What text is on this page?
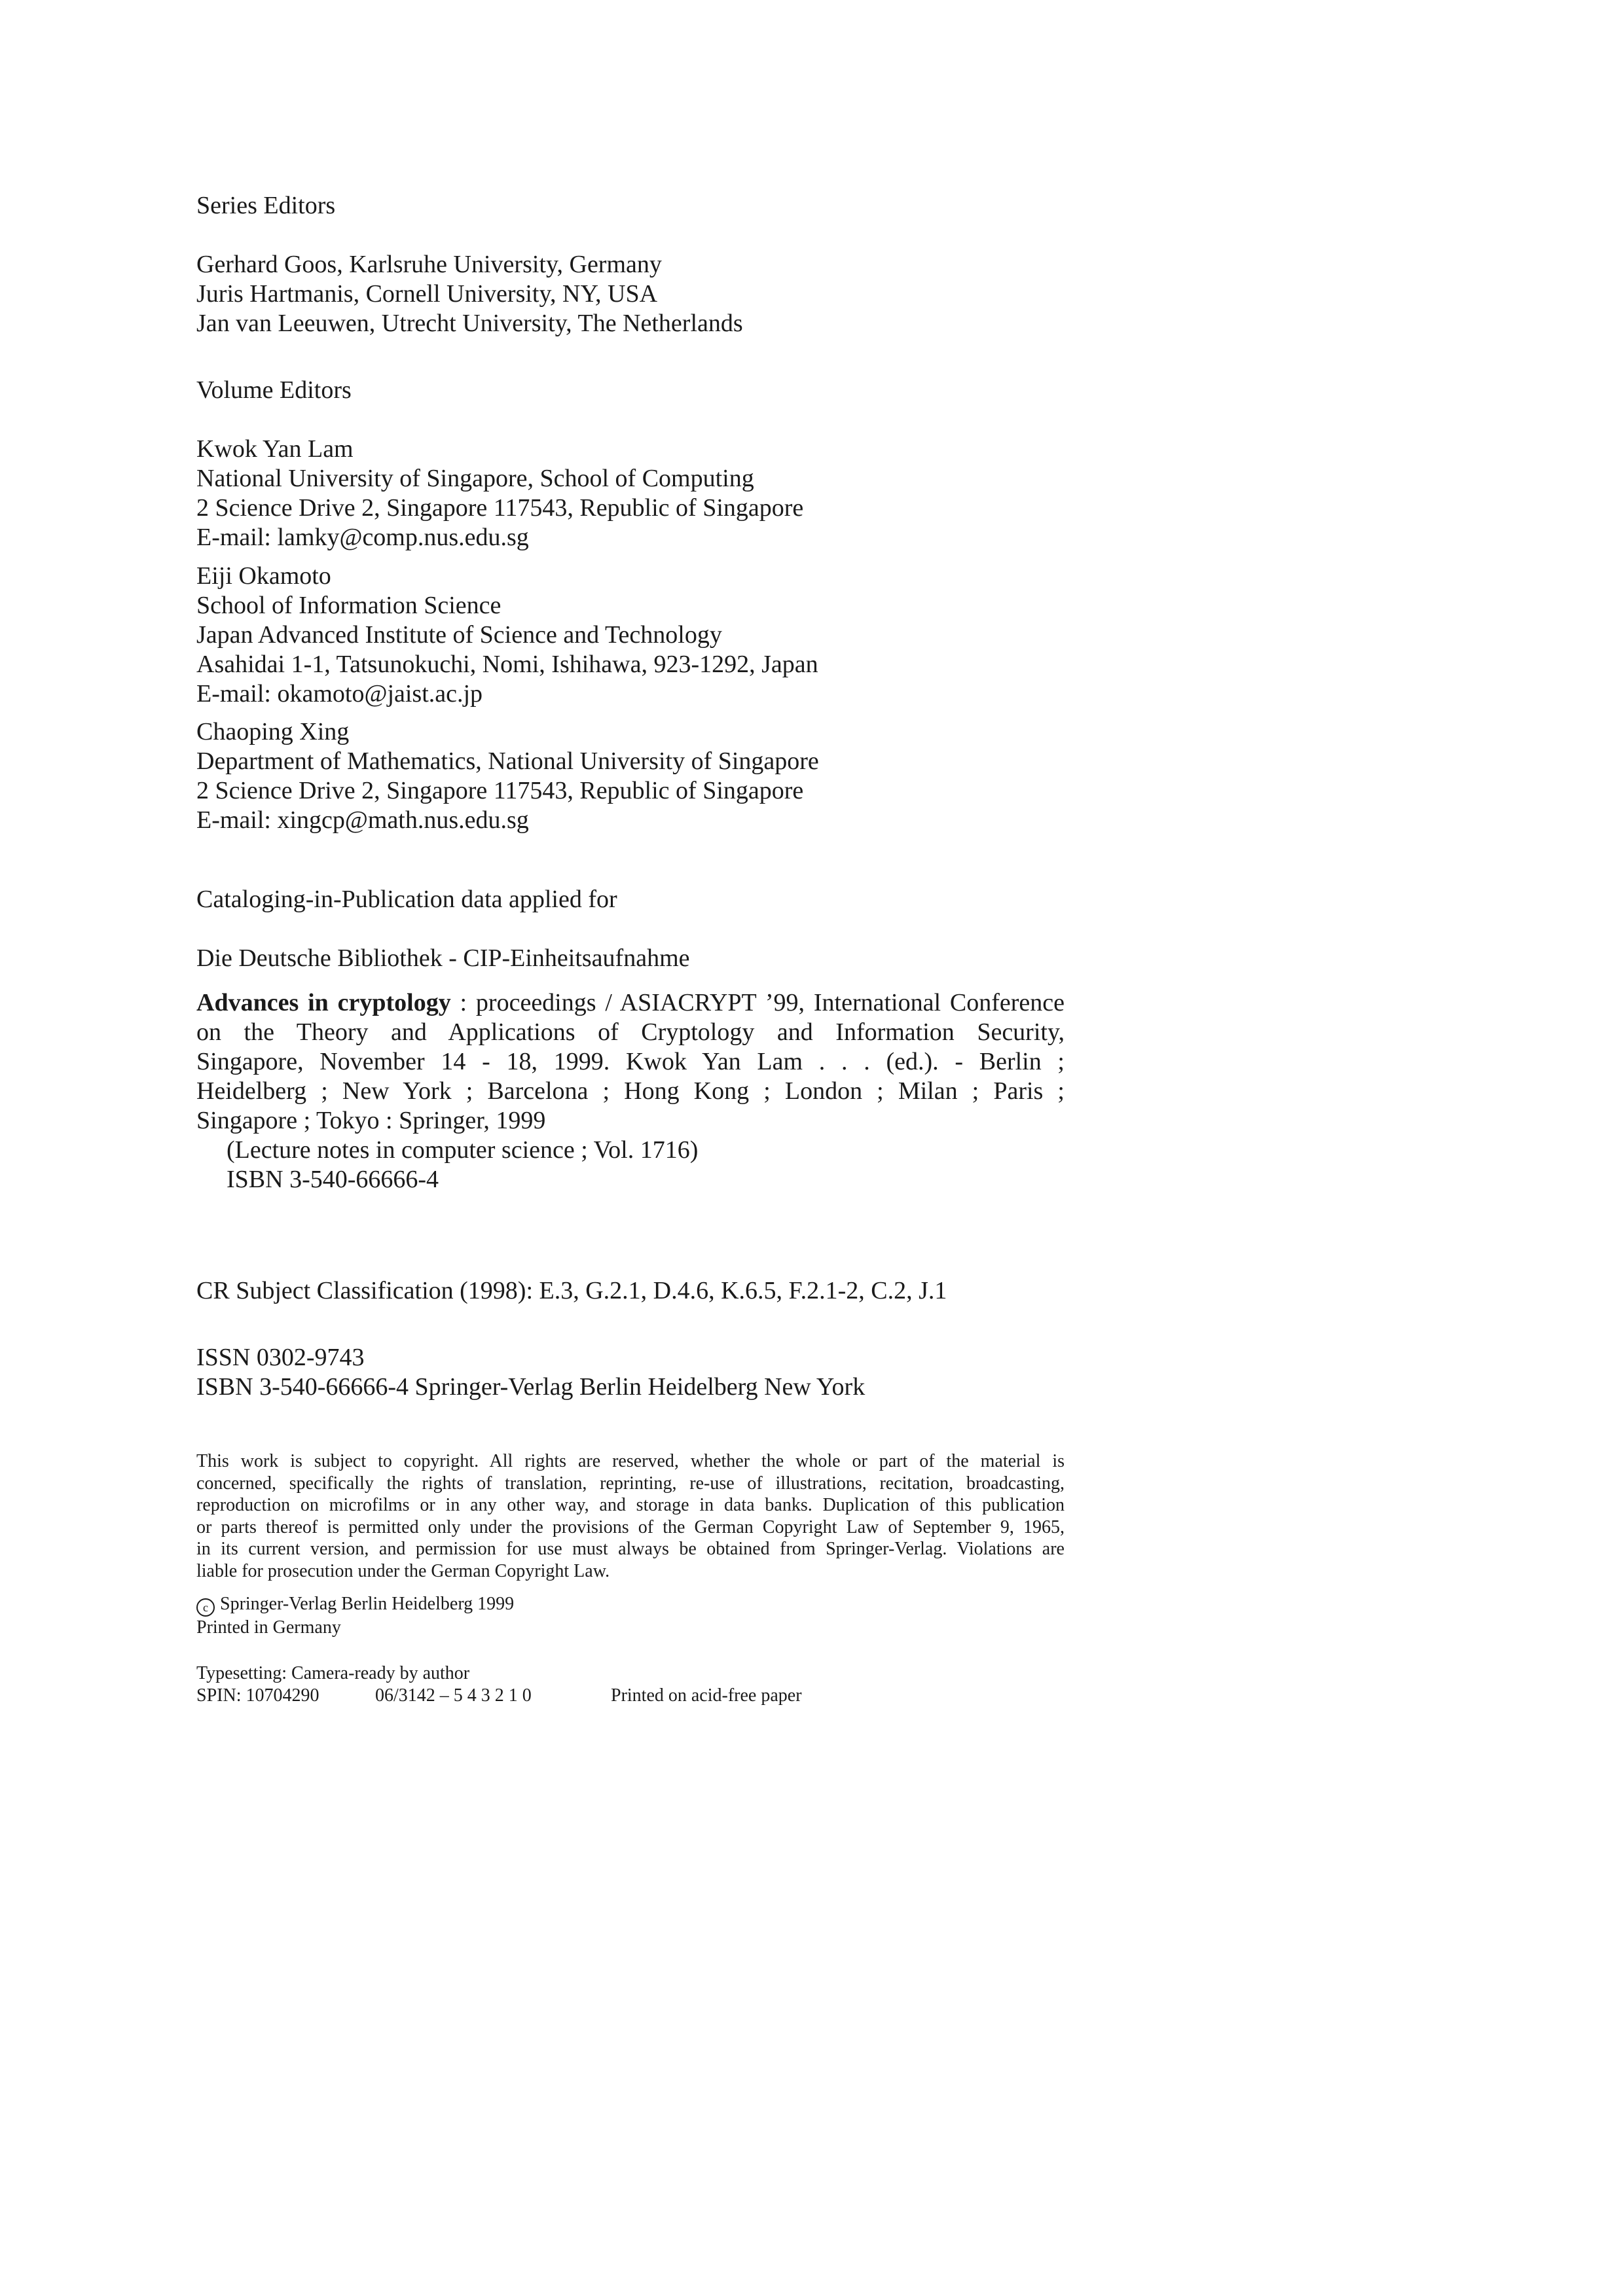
Series Editors

Gerhard Goos, Karlsruhe University, Germany
Juris Hartmanis, Cornell University, NY, USA
Jan van Leeuwen, Utrecht University, The Netherlands

Volume Editors

Kwok Yan Lam
National University of Singapore, School of Computing
2 Science Drive 2, Singapore 117543, Republic of Singapore
E-mail: lamky@comp.nus.edu.sg
Eiji Okamoto
School of Information Science
Japan Advanced Institute of Science and Technology
Asahidai 1-1, Tatsunokuchi, Nomi, Ishihawa, 923-1292, Japan
E-mail: okamoto@jaist.ac.jp
Chaoping Xing
Department of Mathematics, National University of Singapore
2 Science Drive 2, Singapore 117543, Republic of Singapore
E-mail: xingcp@math.nus.edu.sg

Cataloging-in-Publication data applied for

Die Deutsche Bibliothek - CIP-Einheitsaufnahme

Advances in cryptology : proceedings / ASIACRYPT ’99, International Conference
on the Theory and Applications of Cryptology and Information Security,
Singapore, November 14 - 18, 1999. Kwok Yan Lam . . . (ed.). - Berlin ;
Heidelberg ; New York ; Barcelona ; Hong Kong ; London ; Milan ; Paris ;
Singapore ; Tokyo : Springer, 1999
(Lecture notes in computer science ; Vol. 1716)
ISBN 3-540-66666-4

CR Subject Classification (1998): E.3, G.2.1, D.4.6, K.6.5, F.2.1-2, C.2, J.1

ISSN 0302-9743
ISBN 3-540-66666-4 Springer-Verlag Berlin Heidelberg New York
This work is subject to copyright. All rights are reserved, whether the whole or part of the material is
concerned, specifically the rights of translation, reprinting, re-use of illustrations, recitation, broadcasting,
reproduction on microfilms or in any other way, and storage in data banks. Duplication of this publication
or parts thereof is permitted only under the provisions of the German Copyright Law of September 9, 1965,
in its current version, and permission for use must always be obtained from Springer-Verlag. Violations are
liable for prosecution under the German Copyright Law.
c Springer-Verlag Berlin Heidelberg 1999
Printed in Germany
Typesetting: Camera-ready by author
SPIN: 10704290	06/3142 – 5 4 3 2 1 0	Printed on acid-free paper
